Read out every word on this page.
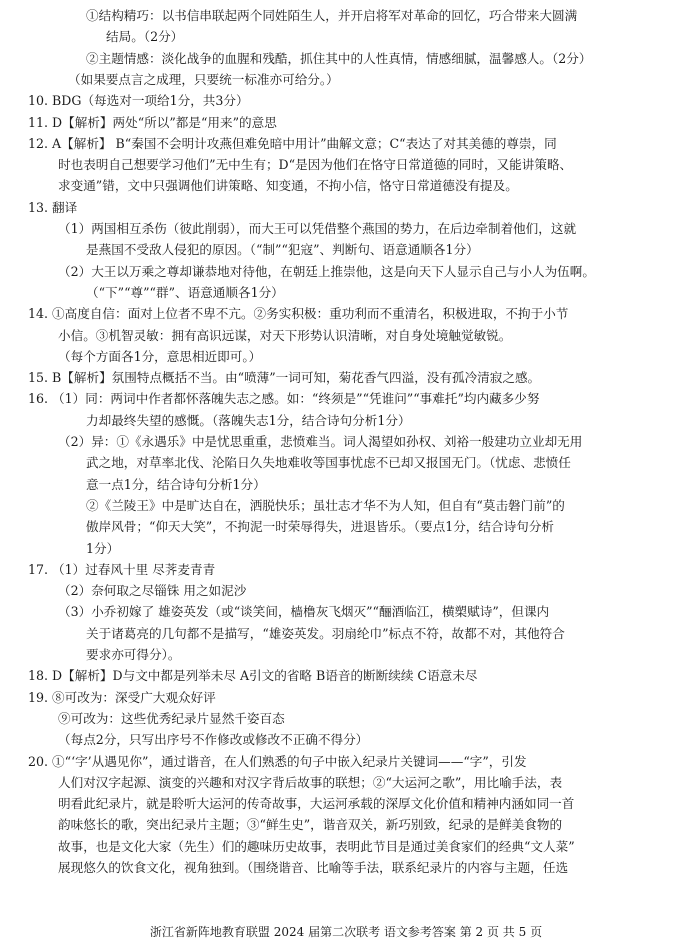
①结构精巧：以书信串联起两个同姓陌生人，并开启将军对革命的回忆，巧合带来大圆满
结局。（2分）
②主题情感：淡化战争的血腥和残酷，抓住其中的人性真情，情感细腻，温馨感人。（2分）
（如果要点言之成理，只要统一标准亦可给分。）
10. BDG（每选对一项给1分，共3分）
11. D【解析】两处“所以”都是“用来”的意思
12. A【解析】 B“秦国不会明计攻燕但难免暗中用计”曲解文意；C“表达了对其美德的尊崇，同
时也表明自己想要学习他们”无中生有；D“是因为他们在恪守日常道德的同时，又能讲策略、
求变通”错，文中只强调他们讲策略、知变通，不拘小信，恪守日常道德没有提及。
13. 翻译
（1）两国相互杀伤（彼此削弱），而大王可以凭借整个燕国的势力，在后边牵制着他们，这就
是燕国不受敌人侵犯的原因。（“制”“犯寇”、判断句、语意通顺各1分）
（2）大王以万乘之尊却谦恭地对待他，在朝廷上推崇他，这是向天下人显示自己与小人为伍啊。
（“下”“尊”“群”、语意通顺各1分）
14. ①高度自信：面对上位者不卑不亢。②务实积极：重功利而不重清名，积极进取，不拘于小节
小信。③机智灵敏：拥有高识远谋，对天下形势认识清晰，对自身处境触觉敏锐。
（每个方面各1分，意思相近即可。）
15. B【解析】氛围特点概括不当。由“喷薄”一词可知，菊花香气四溢，没有孤冷清寂之感。
16. （1）同：两词中作者都怀落魄失志之感。如：“终须是”“凭谁问”“事难托”均内藏多少努
力却最终失望的感慨。（落魄失志1分，结合诗句分析1分）
（2）异：①《永遇乐》中是忧思重重，悲愤难当。词人渴望如孙权、刘裕一般建功立业却无用
武之地，对草率北伐、沦陷日久失地难收等国事忧虑不已却又报国无门。（忧虑、悲愤任
意一点1分，结合诗句分析1分）
②《兰陵王》中是旷达自在，洒脱快乐；虽壮志才华不为人知，但自有“莫击磐门前”的
傲岸风骨；“仰天大笑”，不拘泥一时荣辱得失，进退皆乐。（要点1分，结合诗句分析
1分）
17. （1）过春风十里 尽荠麦青青
（2）奈何取之尽锱铢 用之如泥沙
（3）小乔初嫁了 雄姿英发（或“谈笑间，樯橹灰飞烟灭”“酾酒临江，横槊赋诗”，但课内
关于诸葛亮的几句都不是描写，“雄姿英发。羽扇纶巾”标点不符，故都不对，其他符合
要求亦可得分）。
18. D【解析】D与文中都是列举未尽 A引文的省略 B语音的断断续续 C语意未尽
19. ⑧可改为：深受广大观众好评
⑨可改为：这些优秀纪录片显然千姿百态
（每点2分，只写出序号不作修改或修改不正确不得分）
20. ①“‘字’从遇见你”，通过谐音，在人们熟悉的句子中嵌入纪录片关键词——“字”，引发
人们对汉字起源、演变的兴趣和对汉字背后故事的联想；②“大运河之歌”，用比喻手法，表
明看此纪录片，就是聆听大运河的传奇故事，大运河承载的深厚文化价值和精神内涵如同一首
韵味悠长的歌，突出纪录片主题；③“鲜生史”，谐音双关，新巧别致，纪录的是鲜美食物的
故事，也是文化大家（先生）们的趣味历史故事，表明此节目是通过美食家们的经典“文人菜”
展现悠久的饮食文化，视角独到。（围绕谐音、比喻等手法，联系纪录片的内容与主题，任选
浙江省新阵地教育联盟 2024 届第二次联考 语文参考答案 第 2 页 共 5 页
